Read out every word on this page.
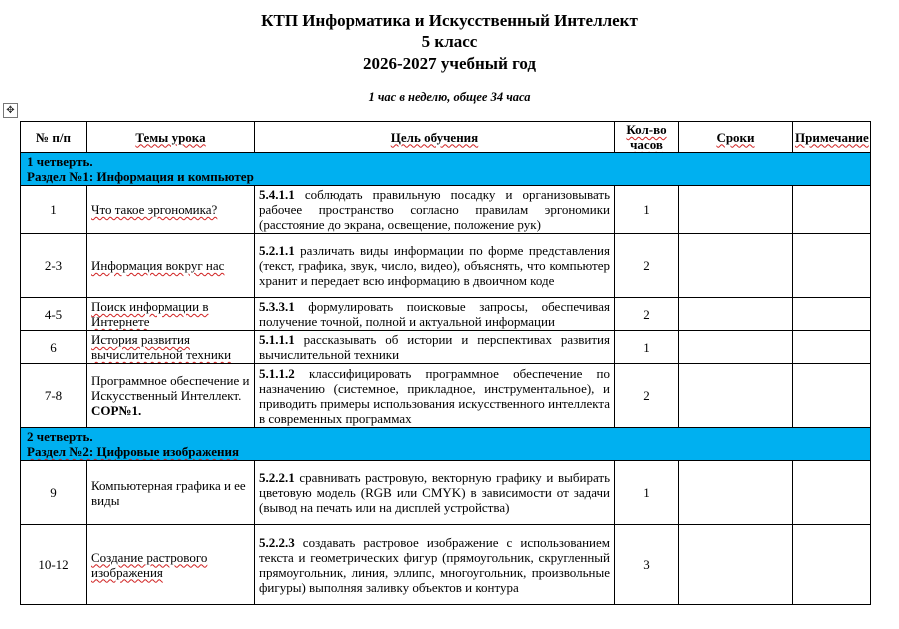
КТП Информатика и Искусственный Интеллект
5 класс
2026-2027 учебный год
1 час в неделю, общее 34 часа
✥
№ п/п	Темы урока	Цель обучения	Кол-во часов	Сроки	Примечание

1 четверть.
Раздел №1: Информация и компьютер					

1	Что такое эргономика?	5.4.1.1 соблюдать правильную посадку и организовывать рабочее пространство согласно правилам эргономики (расстояние до экрана, освещение, положение рук)	1		
2-3	Информация вокруг нас	5.2.1.1 различать виды информации по форме представления (текст, графика, звук, число, видео), объяснять, что компьютер хранит и передает всю информацию в двоичном коде	2		
4-5	Поиск информации в Интернете	5.3.3.1 формулировать поисковые запросы, обеспечивая получение точной, полной и актуальной информации	2		
6	История развития вычислительной техники	5.1.1.1 рассказывать об истории и перспективах развития вычислительной техники	1		
7-8	Программное обеспечение и Искусственный Интеллект. СОР№1.	5.1.1.2 классифицировать программное обеспечение по назначению (системное, прикладное, инструментальное), и приводить примеры использования искусственного интеллекта в современных программах	2		

2 четверть.
Раздел №2: Цифровые изображения					

9	Компьютерная графика и ее виды	5.2.2.1 сравнивать растровую, векторную графику и выбирать цветовую модель (RGB или CMYK) в зависимости от задачи (вывод на печать или на дисплей устройства)	1		
10-12	Создание растрового изображения	5.2.2.3 создавать растровое изображение с использованием текста и геометрических фигур (прямоугольник, скругленный прямоугольник, линия, эллипс, многоугольник, произвольные фигуры) выполняя заливку объектов и контура	3		
